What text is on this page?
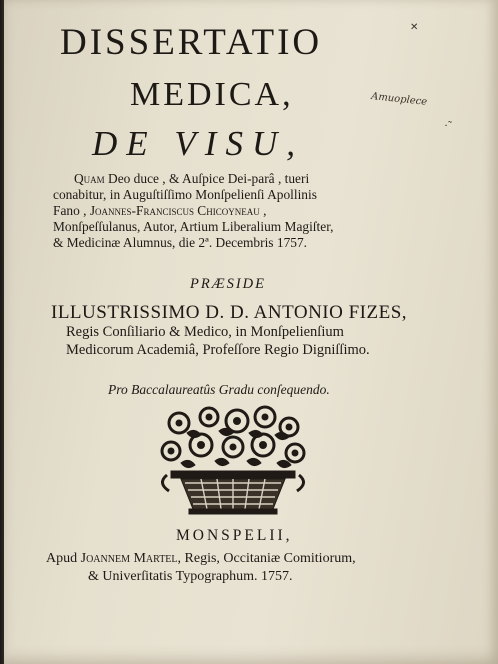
DISSERTATIO
MEDICA,
DE VISU,
Amuoplece
·˜
✕
Quam Deo duce , & Auſpice Dei-parâ , tueri
conabitur, in Auguſtiſſimo Monſpelienſi Apollinis
Fano , Joannes-Franciscus Chicoyneau ,
Monſpeſſulanus, Autor, Artium Liberalium Magiſter,
& Medicinæ Alumnus, die 2ª. Decembris 1757.
PRÆSIDE
ILLUSTRISSIMO D. D. ANTONIO FIZES,
Regis Conſiliario & Medico, in Monſpelienſium
Medicorum Academiâ, Profeſſore Regio Digniſſimo.
Pro Baccalaureatûs Gradu conſequendo.
MONSPELII,
Apud Joannem Martel, Regis, Occitaniæ Comitiorum,
& Univerſitatis Typographum. 1757.
